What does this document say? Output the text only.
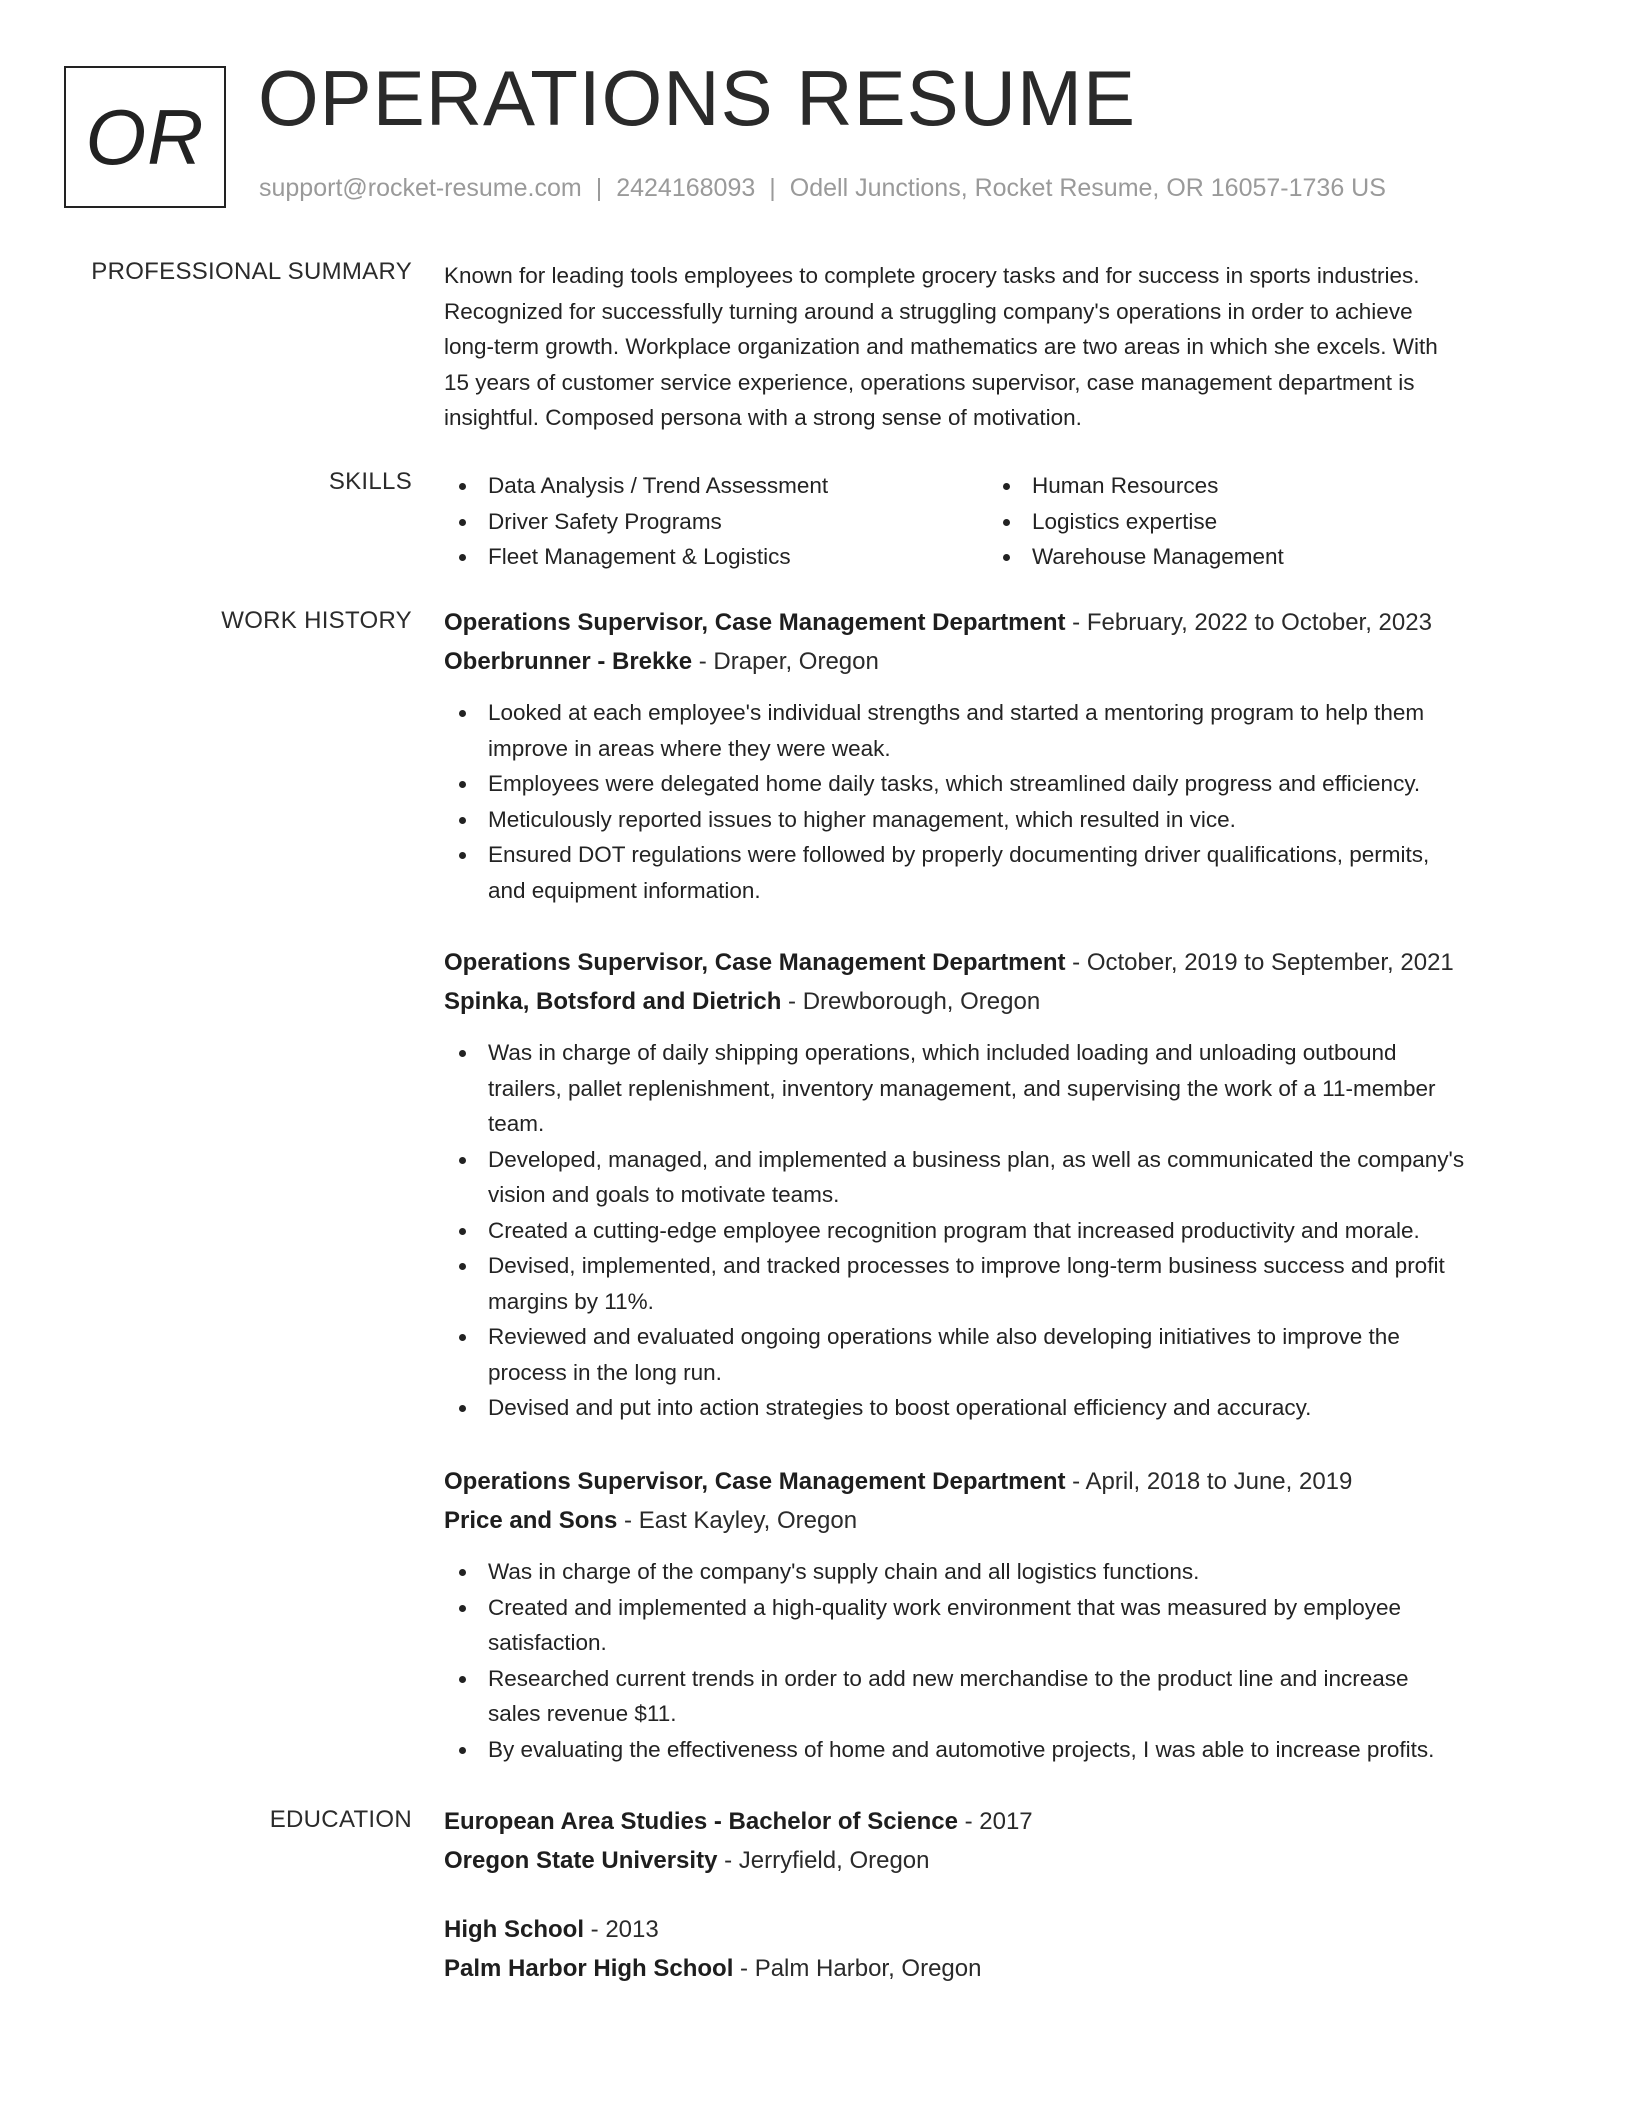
OR OPERATIONS RESUME
support@rocket-resume.com | 2424168093 | Odell Junctions, Rocket Resume, OR 16057-1736 US
PROFESSIONAL SUMMARY Known for leading tools employees to complete grocery tasks and for success in sports industries.
Recognized for successfully turning around a struggling company's operations in order to achieve
long-term growth. Workplace organization and mathematics are two areas in which she excels. With
15 years of customer service experience, operations supervisor, case management department is
insightful. Composed persona with a strong sense of motivation.

SKILLS	Data Analysis / Trend Assessment
Driver Safety Programs
Fleet Management & Logistics
Human Resources
Logistics expertise
Warehouse Management
WORK HISTORY Operations Supervisor, Case Management Department - February, 2022 to October, 2023
Oberbrunner - Brekke - Draper, Oregon
Looked at each employee's individual strengths and started a mentoring program to help them
improve in areas where they were weak.
Employees were delegated home daily tasks, which streamlined daily progress and efficiency.
Meticulously reported issues to higher management, which resulted in vice.
Ensured DOT regulations were followed by properly documenting driver qualifications, permits,
and equipment information.
Operations Supervisor, Case Management Department - October, 2019 to September, 2021
Spinka, Botsford and Dietrich - Drewborough, Oregon
Was in charge of daily shipping operations, which included loading and unloading outbound
trailers, pallet replenishment, inventory management, and supervising the work of a 11-member
team.
Developed, managed, and implemented a business plan, as well as communicated the company's
vision and goals to motivate teams.
Created a cutting-edge employee recognition program that increased productivity and morale.
Devised, implemented, and tracked processes to improve long-term business success and profit
margins by 11%.
Reviewed and evaluated ongoing operations while also developing initiatives to improve the
process in the long run.
Devised and put into action strategies to boost operational efficiency and accuracy.
Operations Supervisor, Case Management Department - April, 2018 to June, 2019
Price and Sons - East Kayley, Oregon
Was in charge of the company's supply chain and all logistics functions.
Created and implemented a high-quality work environment that was measured by employee
satisfaction.
Researched current trends in order to add new merchandise to the product line and increase
sales revenue $11.
By evaluating the effectiveness of home and automotive projects, I was able to increase profits.
EDUCATION European Area Studies - Bachelor of Science - 2017
Oregon State University - Jerryfield, Oregon
High School - 2013
Palm Harbor High School - Palm Harbor, Oregon
